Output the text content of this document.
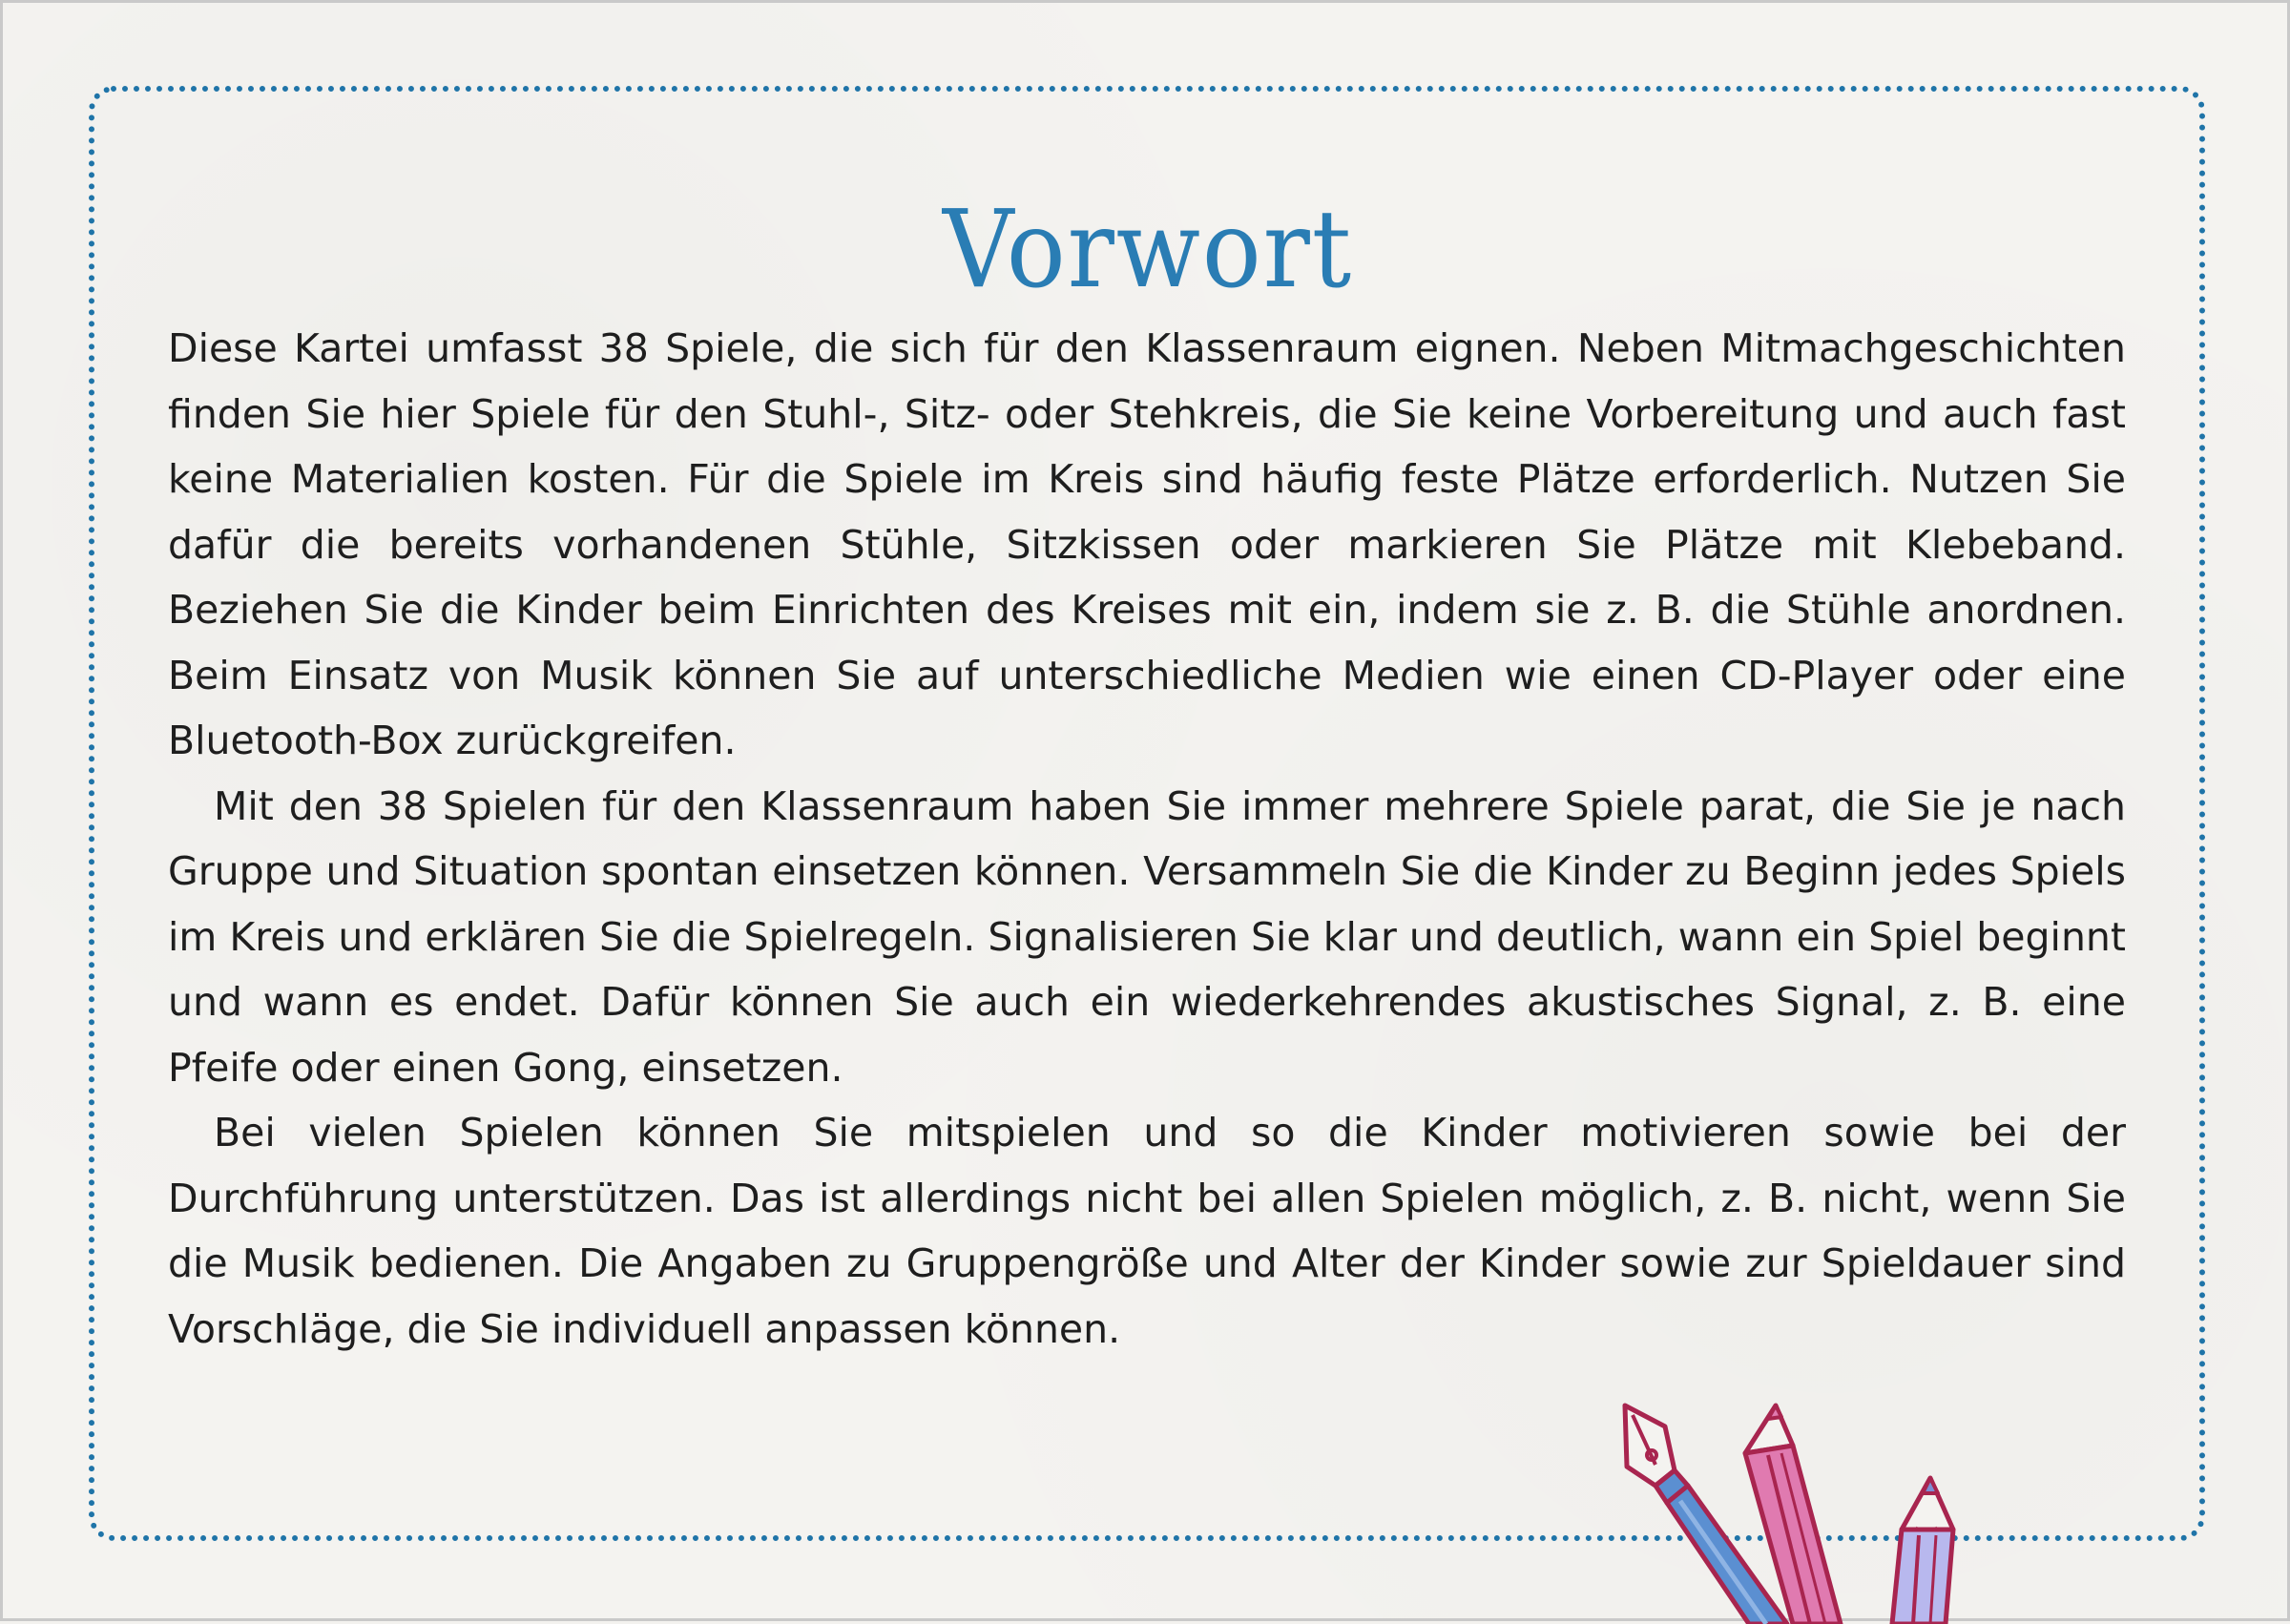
Vorwort

Diese Kartei umfasst 38 Spiele, die sich für den Klassenraum eignen. Neben Mitmachgeschichten finden Sie hier Spiele für den Stuhl-, Sitz- oder Stehkreis, die Sie keine Vorbereitung und auch fast keine Materialien kosten. Für die Spiele im Kreis sind häufig feste Plätze erforderlich. Nutzen Sie dafür die bereits vorhandenen Stühle, Sitzkissen oder markieren Sie Plätze mit Klebeband. Beziehen Sie die Kinder beim Einrichten des Kreises mit ein, indem sie z. B. die Stühle anordnen. Beim Einsatz von Musik können Sie auf unterschiedliche Medien wie einen CD-Player oder eine Bluetooth-Box zurückgreifen.

Mit den 38 Spielen für den Klassenraum haben Sie immer mehrere Spiele parat, die Sie je nach Gruppe und Situation spontan einsetzen können. Versammeln Sie die Kinder zu Beginn jedes Spiels im Kreis und erklären Sie die Spielregeln. Signalisieren Sie klar und deutlich, wann ein Spiel beginnt und wann es endet. Dafür können Sie auch ein wiederkehrendes akustisches Signal, z. B. eine Pfeife oder einen Gong, einsetzen.

Bei vielen Spielen können Sie mitspielen und so die Kinder motivieren sowie bei der Durchführung unterstützen. Das ist allerdings nicht bei allen Spielen möglich, z. B. nicht, wenn Sie die Musik bedienen. Die Angaben zu Gruppengröße und Alter der Kinder sowie zur Spieldauer sind Vorschläge, die Sie individuell anpassen können.
